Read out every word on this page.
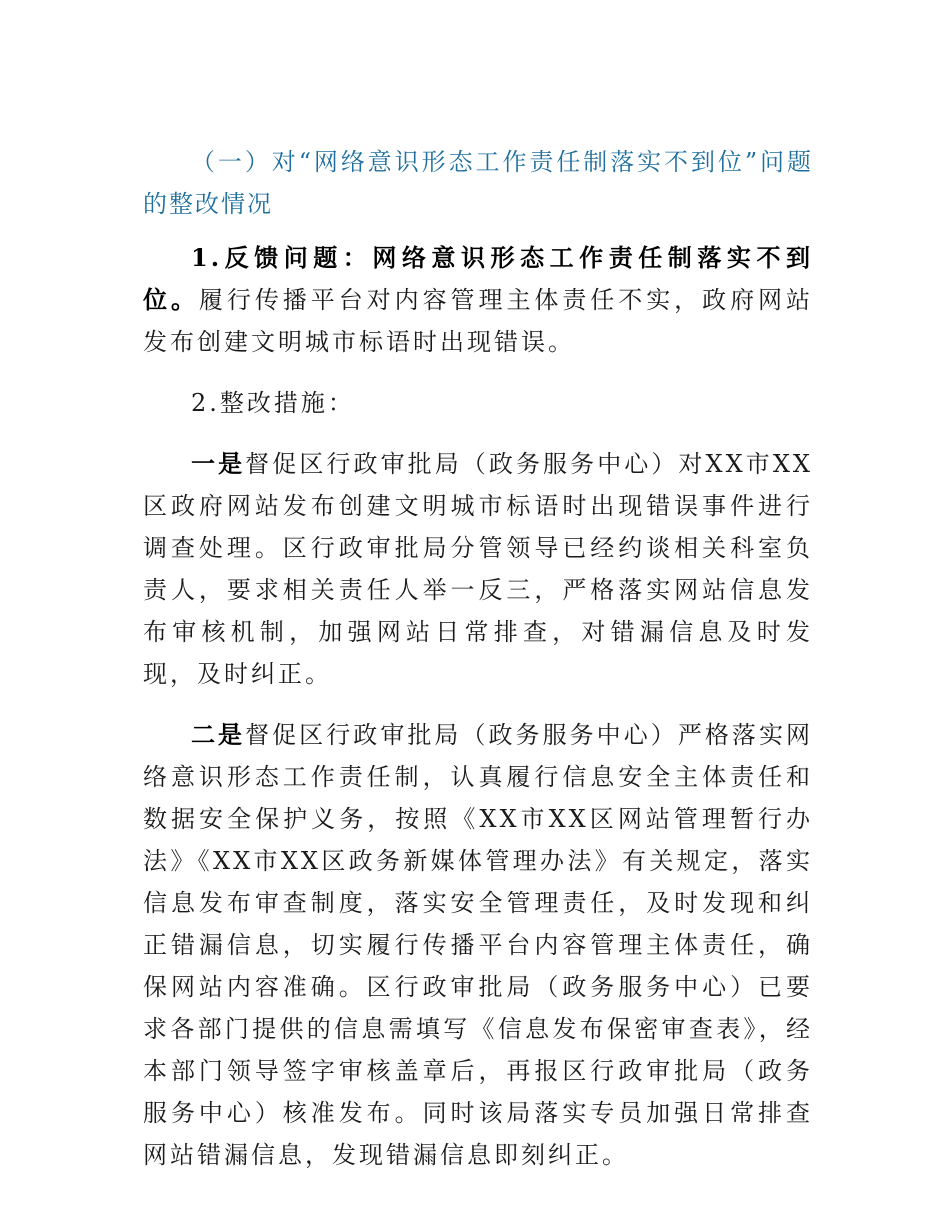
（一）对“网络意识形态工作责任制落实不到位”问题的整改情况

1.反馈问题：网络意识形态工作责任制落实不到位。履行传播平台对内容管理主体责任不实，政府网站发布创建文明城市标语时出现错误。

2.整改措施：

一是督促区行政审批局（政务服务中心）对XX市XX区政府网站发布创建文明城市标语时出现错误事件进行调查处理。区行政审批局分管领导已经约谈相关科室负责人，要求相关责任人举一反三，严格落实网站信息发布审核机制，加强网站日常排查，对错漏信息及时发现，及时纠正。

二是督促区行政审批局（政务服务中心）严格落实网络意识形态工作责任制，认真履行信息安全主体责任和数据安全保护义务，按照《XX市XX区网站管理暂行办法》《XX市XX区政务新媒体管理办法》有关规定，落实信息发布审查制度，落实安全管理责任，及时发现和纠正错漏信息，切实履行传播平台内容管理主体责任，确保网站内容准确。区行政审批局（政务服务中心）已要求各部门提供的信息需填写《信息发布保密审查表》，经本部门领导签字审核盖章后，再报区行政审批局（政务服务中心）核准发布。同时该局落实专员加强日常排查网站错漏信息，发现错漏信息即刻纠正。
